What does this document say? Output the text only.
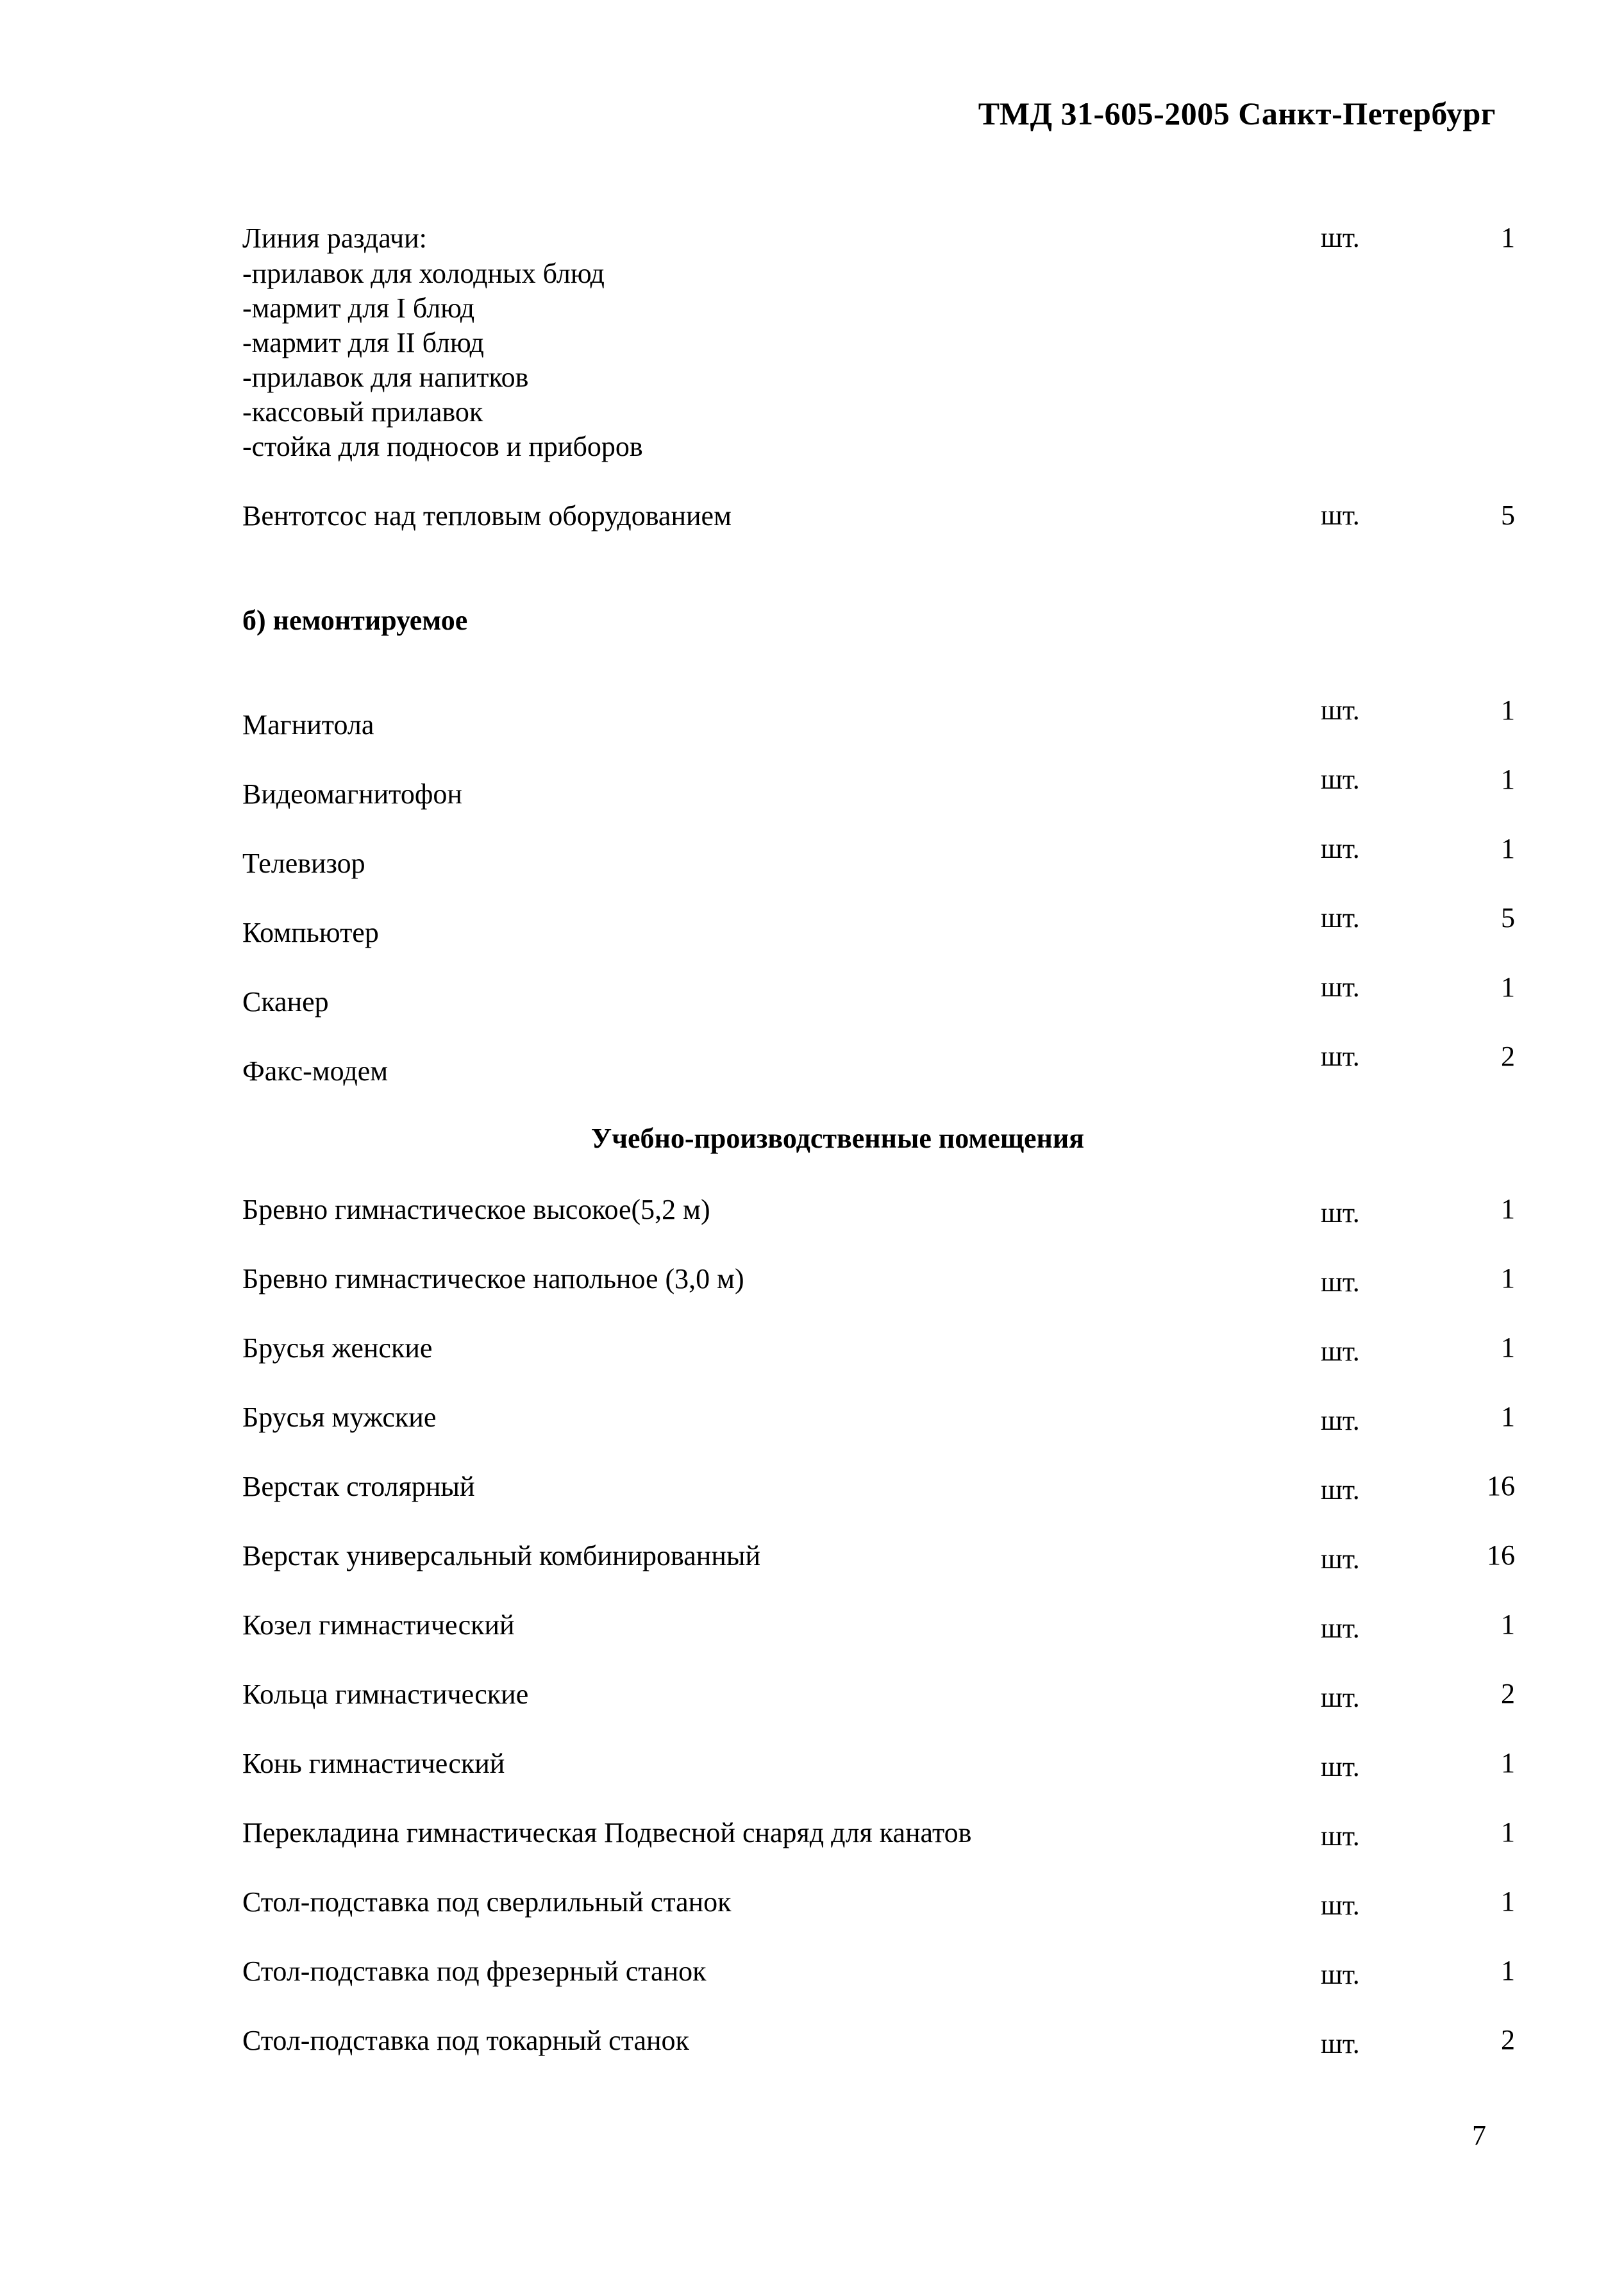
ТМД 31-605-2005 Санкт-Петербург
Линия раздачи:	шт.	1
-прилавок для холодных блюд
-мармит для I блюд
-мармит для II блюд
-прилавок для напитков
-кассовый прилавок
-стойка для подносов и приборов
Вентотсос над тепловым оборудованием	шт.	5
б) немонтируемое
Магнитола	шт.	1
Видеомагнитофон	шт.	1
Телевизор	шт.	1
Компьютер	шт.	5
Сканер	шт.	1
Факс-модем	шт.	2
Учебно-производственные помещения
Бревно гимнастическое высокое(5,2 м)	шт.	1
Бревно гимнастическое напольное (3,0 м)	шт.	1
Брусья женские	шт.	1
Брусья мужские	шт.	1
Верстак столярный	шт.	16
Верстак универсальный комбинированный	шт.	16
Козел гимнастический	шт.	1
Кольца гимнастические	шт.	2
Конь гимнастический	шт.	1
Перекладина гимнастическая Подвесной снаряд для канатов	шт.	1
Стол-подставка под сверлильный станок	шт.	1
Стол-подставка под фрезерный станок	шт.	1
Стол-подставка под токарный станок	шт.	2
7
